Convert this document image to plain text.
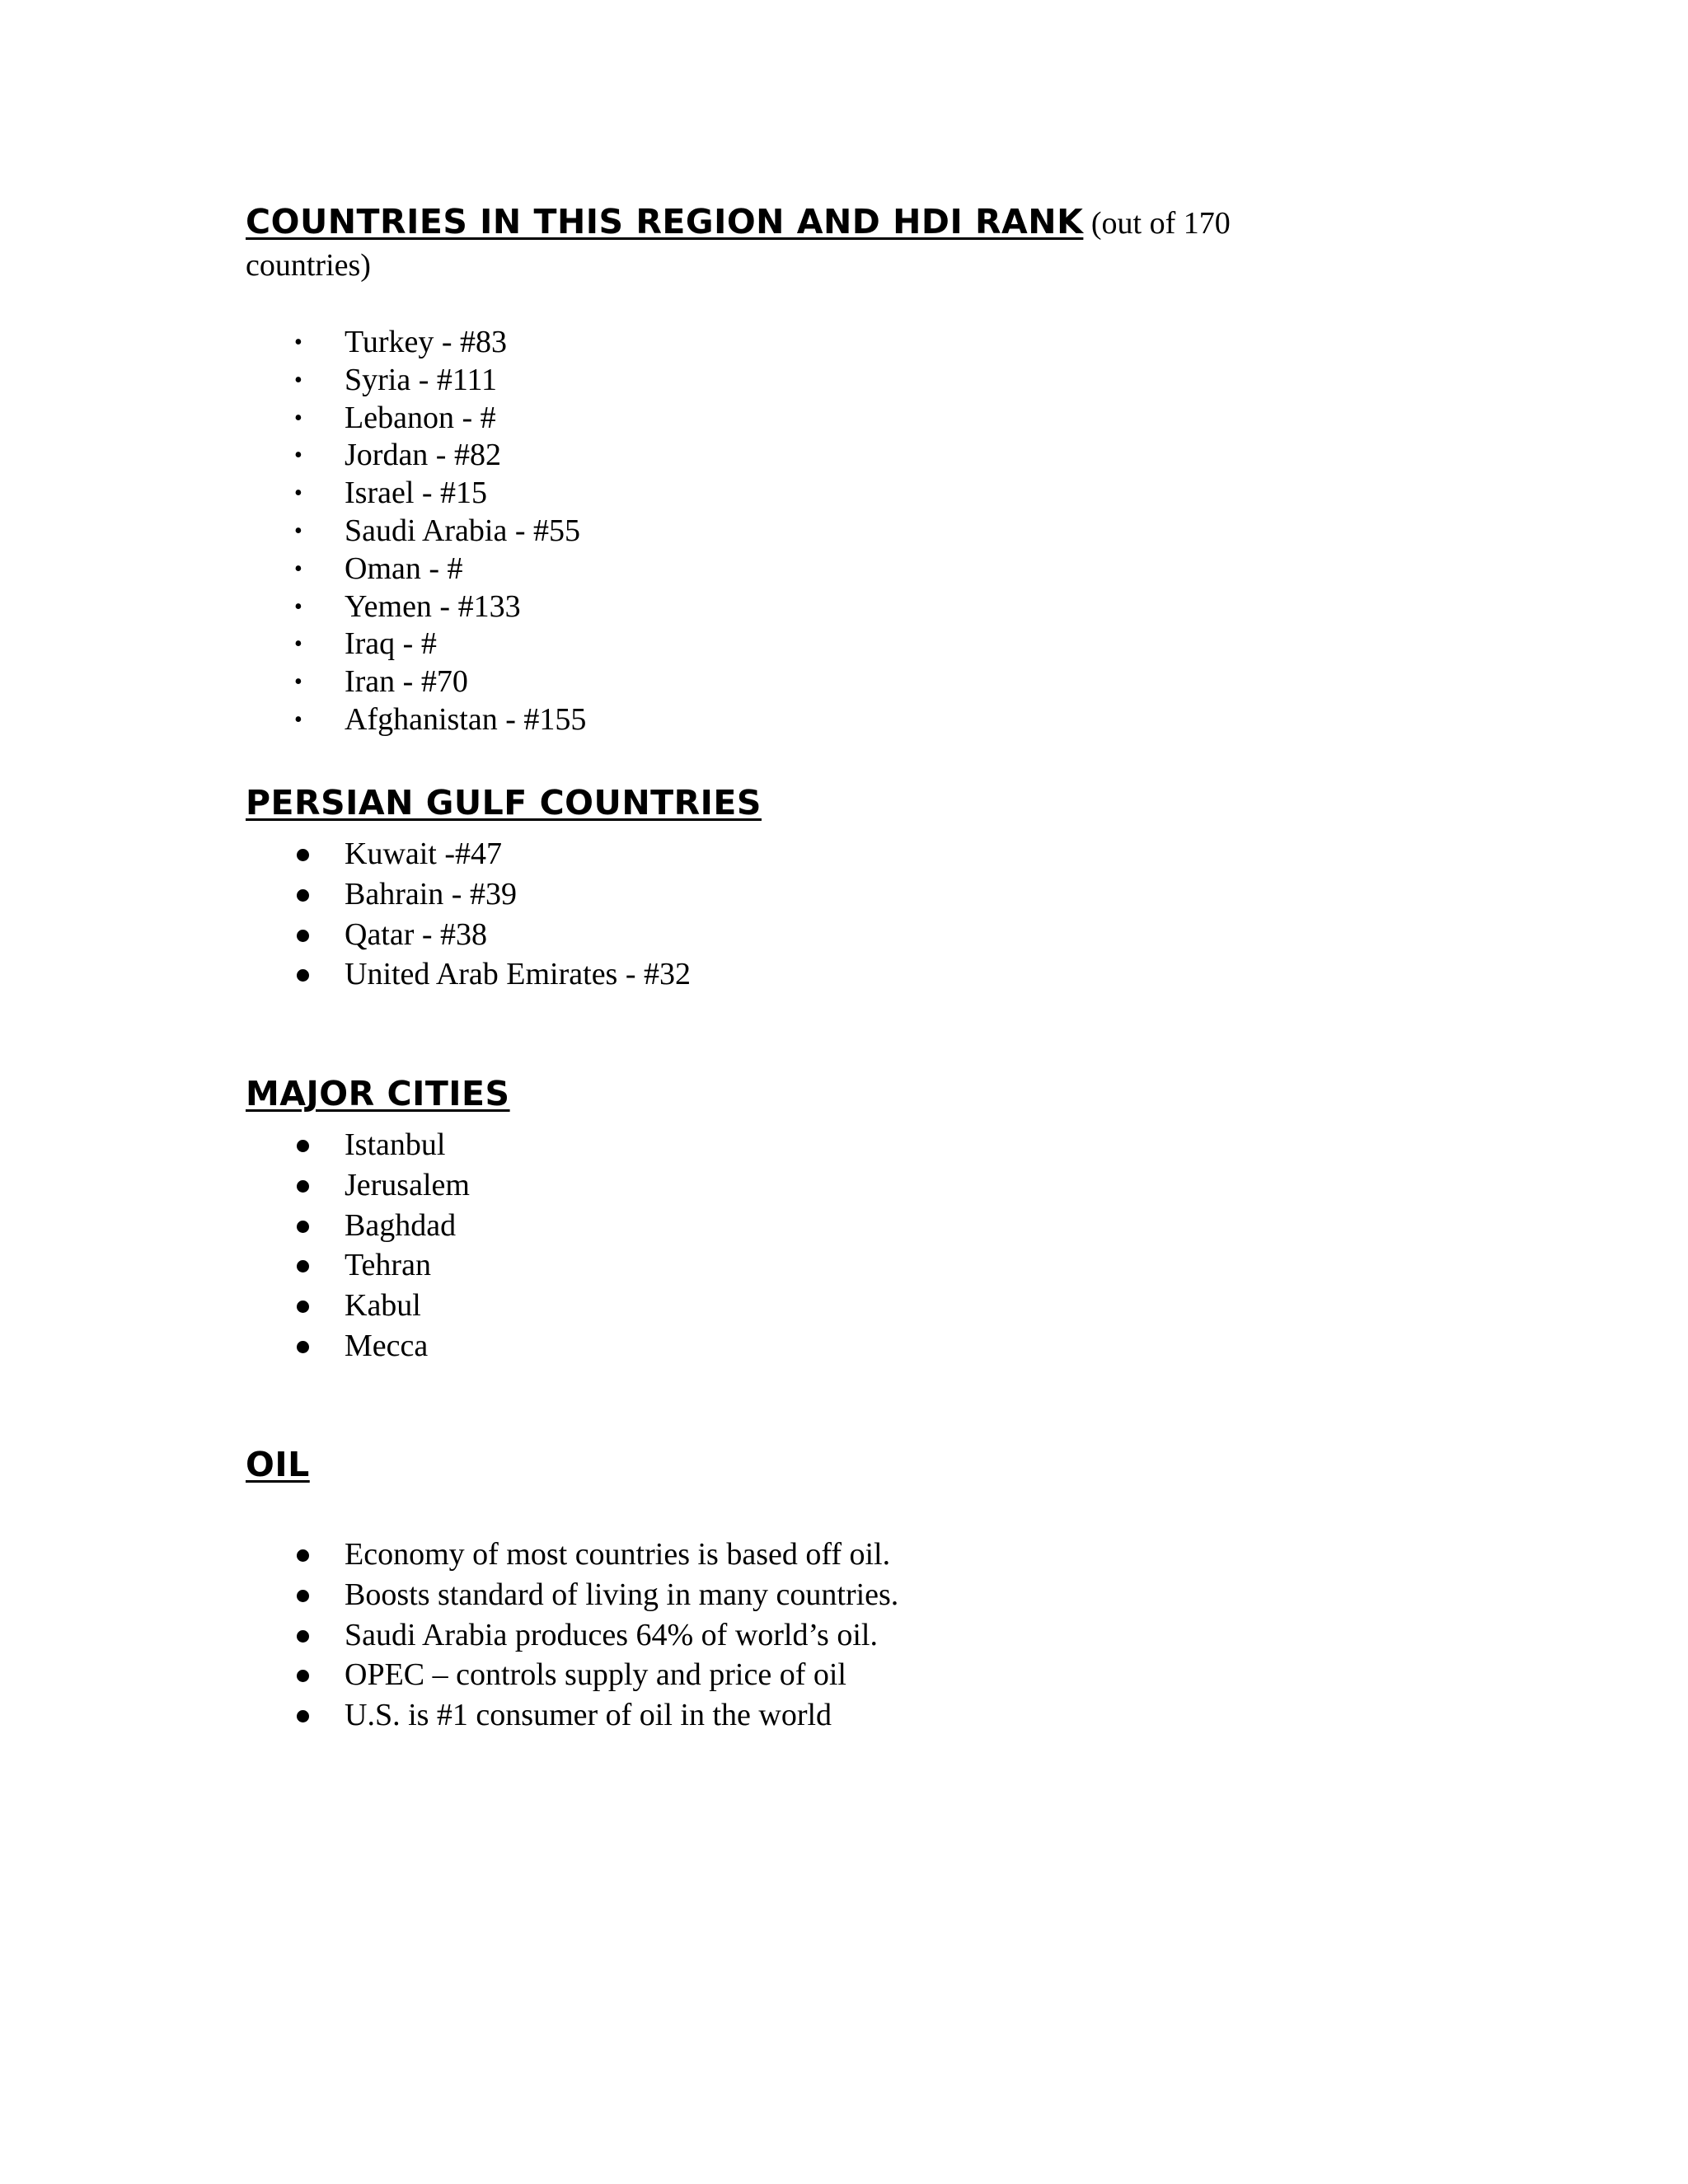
COUNTRIES IN THIS REGION AND HDI RANK (out of 170

countries)

• Turkey - #83
• Syria - #111
• Lebanon - #
• Jordan - #82
• Israel - #15
• Saudi Arabia - #55
• Oman - #
• Yemen - #133
• Iraq - #
• Iran - #70
• Afghanistan - #155
PERSIAN GULF COUNTRIES
Kuwait -#47
Bahrain - #39
Qatar - #38
United Arab Emirates - #32
MAJOR CITIES
Istanbul
Jerusalem
Baghdad
Tehran
Kabul
Mecca
OIL
Economy of most countries is based off oil.
Boosts standard of living in many countries.
Saudi Arabia produces 64% of world’s oil.
OPEC – controls supply and price of oil
U.S. is #1 consumer of oil in the world
